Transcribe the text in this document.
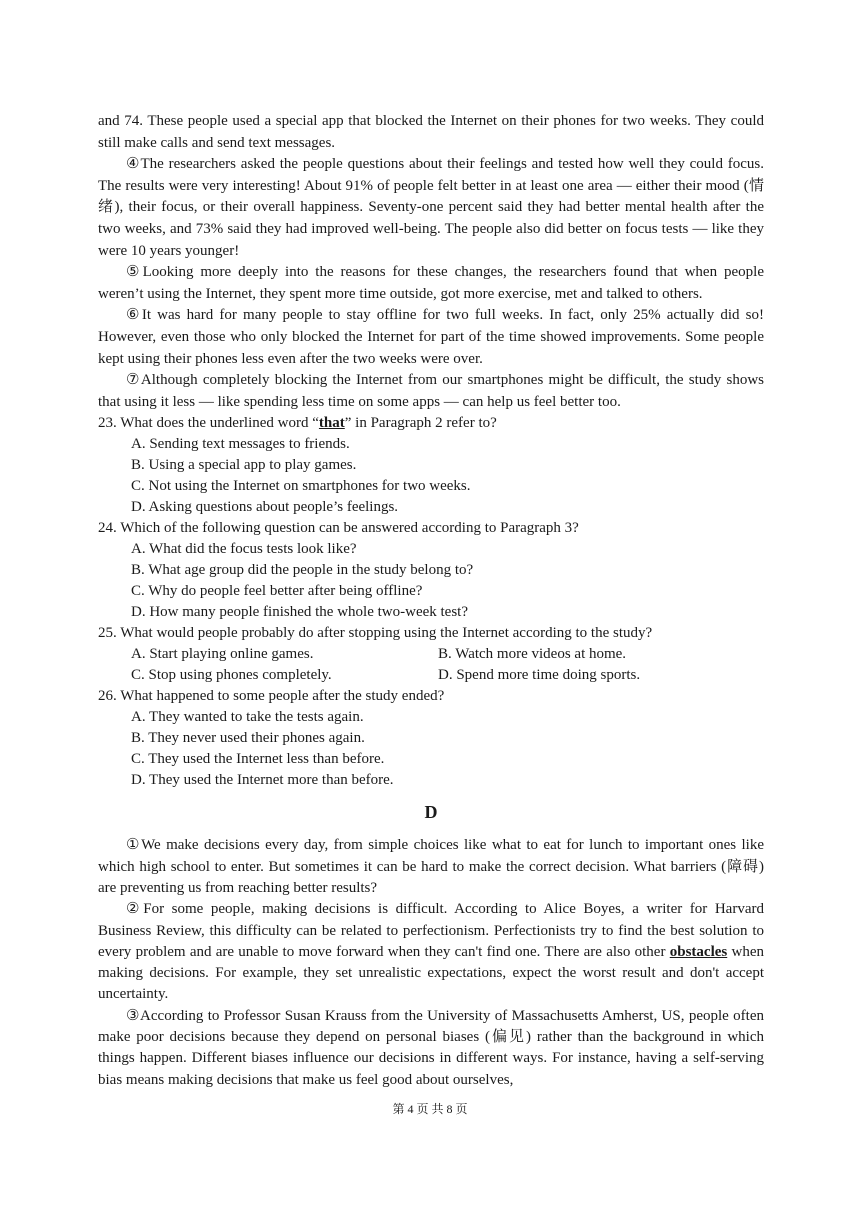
and 74. These people used a special app that blocked the Internet on their phones for two weeks. They could still make calls and send text messages.

④The researchers asked the people questions about their feelings and tested how well they could focus. The results were very interesting! About 91% of people felt better in at least one area — either their mood (情绪), their focus, or their overall happiness. Seventy-one percent said they had better mental health after the two weeks, and 73% said they had improved well-being. The people also did better on focus tests — like they were 10 years younger!

⑤Looking more deeply into the reasons for these changes, the researchers found that when people weren’t using the Internet, they spent more time outside, got more exercise, met and talked to others.

⑥It was hard for many people to stay offline for two full weeks. In fact, only 25% actually did so! However, even those who only blocked the Internet for part of the time showed improvements. Some people kept using their phones less even after the two weeks were over.

⑦Although completely blocking the Internet from our smartphones might be difficult, the study shows that using it less — like spending less time on some apps — can help us feel better too.

23. What does the underlined word “that” in Paragraph 2 refer to?

A. Sending text messages to friends.

B. Using a special app to play games.

C. Not using the Internet on smartphones for two weeks.

D. Asking questions about people’s feelings.

24. Which of the following question can be answered according to Paragraph 3?

A. What did the focus tests look like?

B. What age group did the people in the study belong to?

C. Why do people feel better after being offline?

D. How many people finished the whole two-week test?

25. What would people probably do after stopping using the Internet according to the study?

A. Start playing online games.	B. Watch more videos at home.
C. Stop using phones completely.	D. Spend more time doing sports.

26. What happened to some people after the study ended?

A. They wanted to take the tests again.

B. They never used their phones again.

C. They used the Internet less than before.

D. They used the Internet more than before.

D

①We make decisions every day, from simple choices like what to eat for lunch to important ones like which high school to enter. But sometimes it can be hard to make the correct decision. What barriers (障碍) are preventing us from reaching better results?

②For some people, making decisions is difficult. According to Alice Boyes, a writer for Harvard Business Review, this difficulty can be related to perfectionism. Perfectionists try to find the best solution to every problem and are unable to move forward when they can't find one. There are also other obstacles when making decisions. For example, they set unrealistic expectations, expect the worst result and don't accept uncertainty.

③According to Professor Susan Krauss from the University of Massachusetts Amherst, US, people often make poor decisions because they depend on personal biases (偏见) rather than the background in which things happen. Different biases influence our decisions in different ways. For instance, having a self-serving bias means making decisions that make us feel good about ourselves,

第 4 页 共 8 页
